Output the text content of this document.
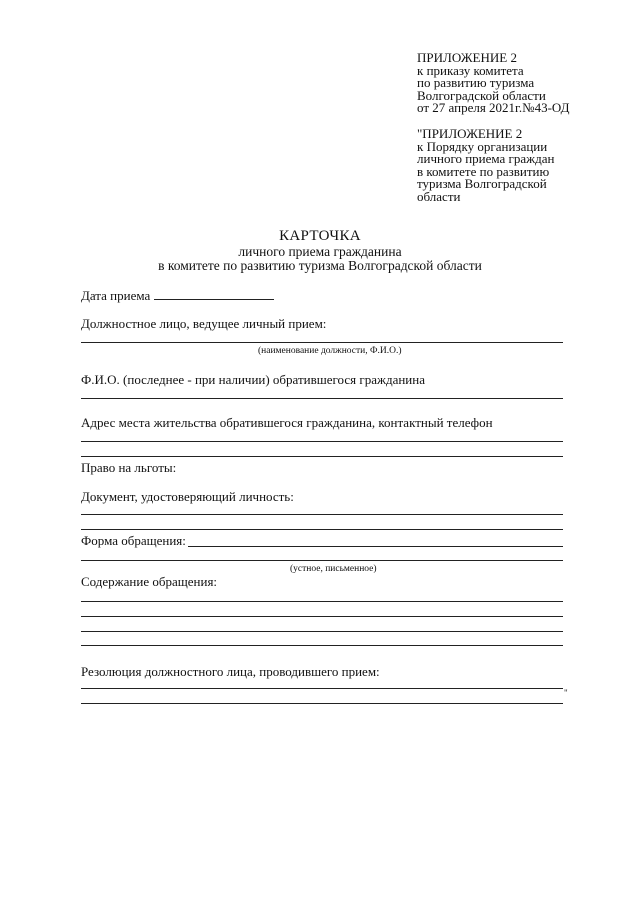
ПРИЛОЖЕНИЕ 2
к приказу комитета
по развитию туризма
Волгоградской области
от 27 апреля 2021г.№43-ОД
"ПРИЛОЖЕНИЕ 2
к Порядку организации
личного приема граждан
в комитете по развитию
туризма Волгоградской
области
КАРТОЧКА
личного приема гражданина
в комитете по развитию туризма Волгоградской области
Дата приема
Должностное лицо, ведущее личный прием:
(наименование должности, Ф.И.О.)
Ф.И.О. (последнее - при наличии) обратившегося гражданина
Адрес места жительства обратившегося гражданина, контактный телефон
Право на льготы:
Документ, удостоверяющий личность:
Форма обращения:
(устное, письменное)
Содержание обращения:
Резолюция должностного лица, проводившего прием:
"
